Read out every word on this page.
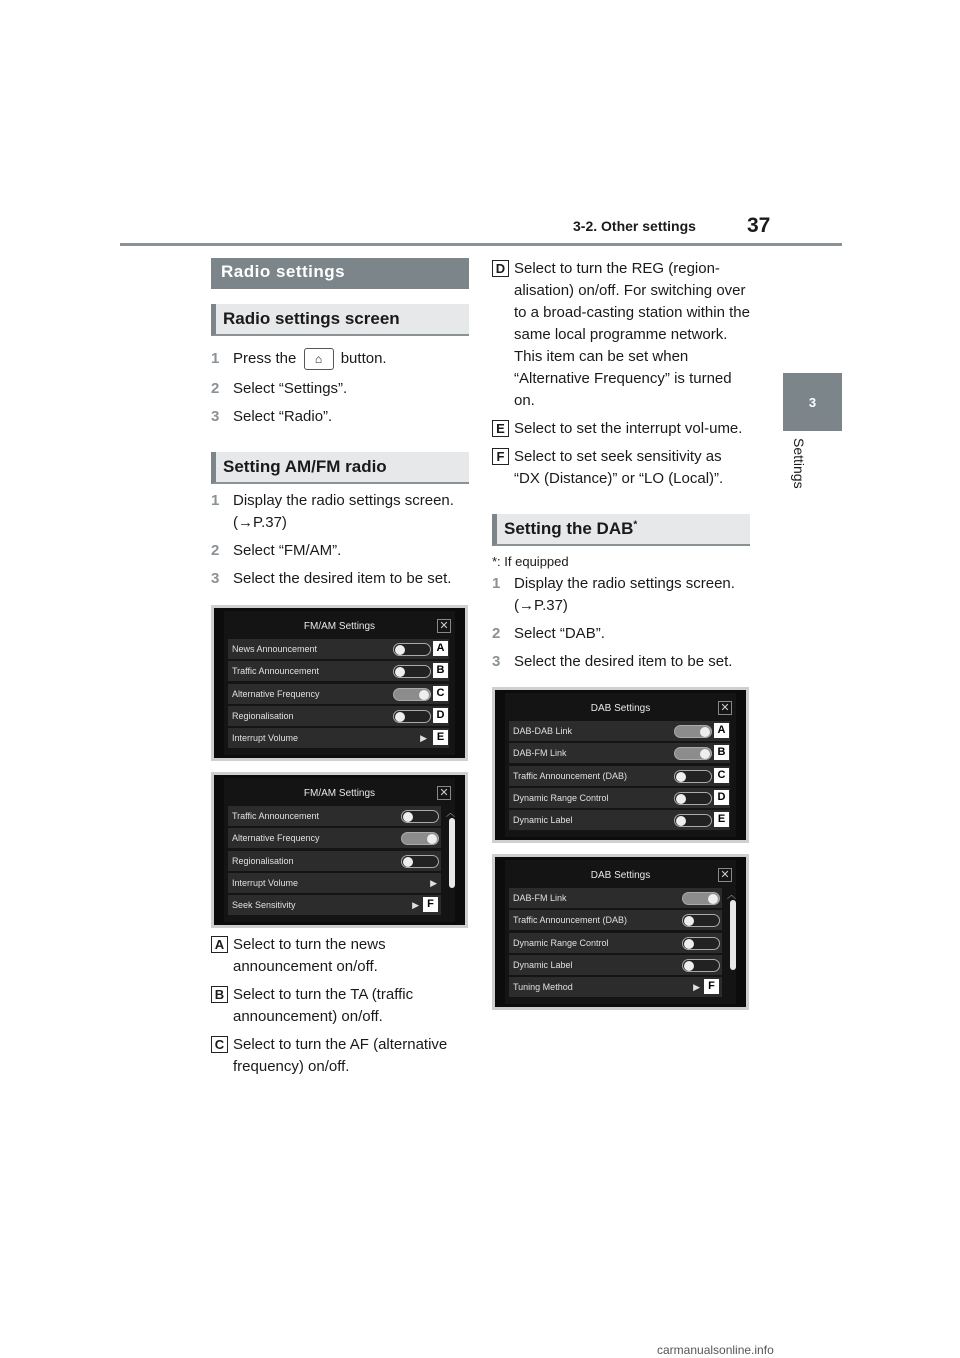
3-2. Other settings 37
3
Settings
Radio settings
Radio settings screen
1 Press the ⌂ button.
2 Select “Settings”.
3 Select “Radio”.
Setting AM/FM radio
1 Display the radio settings screen. (→P.37)
2 Select “FM/AM”.
3 Select the desired item to be set.
FM/AM Settings	✕
News Announcement	A
Traffic Announcement	B
Alternative Frequency	C
Regionalisation	D
Interrupt Volume	▶ E
FM/AM Settings	✕
︿
Traffic Announcement
Alternative Frequency
Regionalisation
Interrupt Volume	▶
Seek Sensitivity	▶ F
A Select to turn the news announcement on/off.
B Select to turn the TA (traffic announcement) on/off.
C Select to turn the AF (alternative frequency) on/off.
D Select to turn the REG (region-alisation) on/off. For switching over to a broad-casting station within the same local programme network. This item can be set when “Alternative Frequency” is turned on.
E Select to set the interrupt vol-ume.
F Select to set seek sensitivity as “DX (Distance)” or “LO (Local)”.
Setting the DAB*
*: If equipped
1 Display the radio settings screen. (→P.37)
2 Select “DAB”.
3 Select the desired item to be set.
DAB Settings	✕
DAB-DAB Link	A
DAB-FM Link	B
Traffic Announcement (DAB)	C
Dynamic Range Control	D
Dynamic Label	E
DAB Settings	✕
︿
DAB-FM Link
Traffic Announcement (DAB)
Dynamic Range Control
Dynamic Label
Tuning Method	▶ F
carmanualsonline.info
